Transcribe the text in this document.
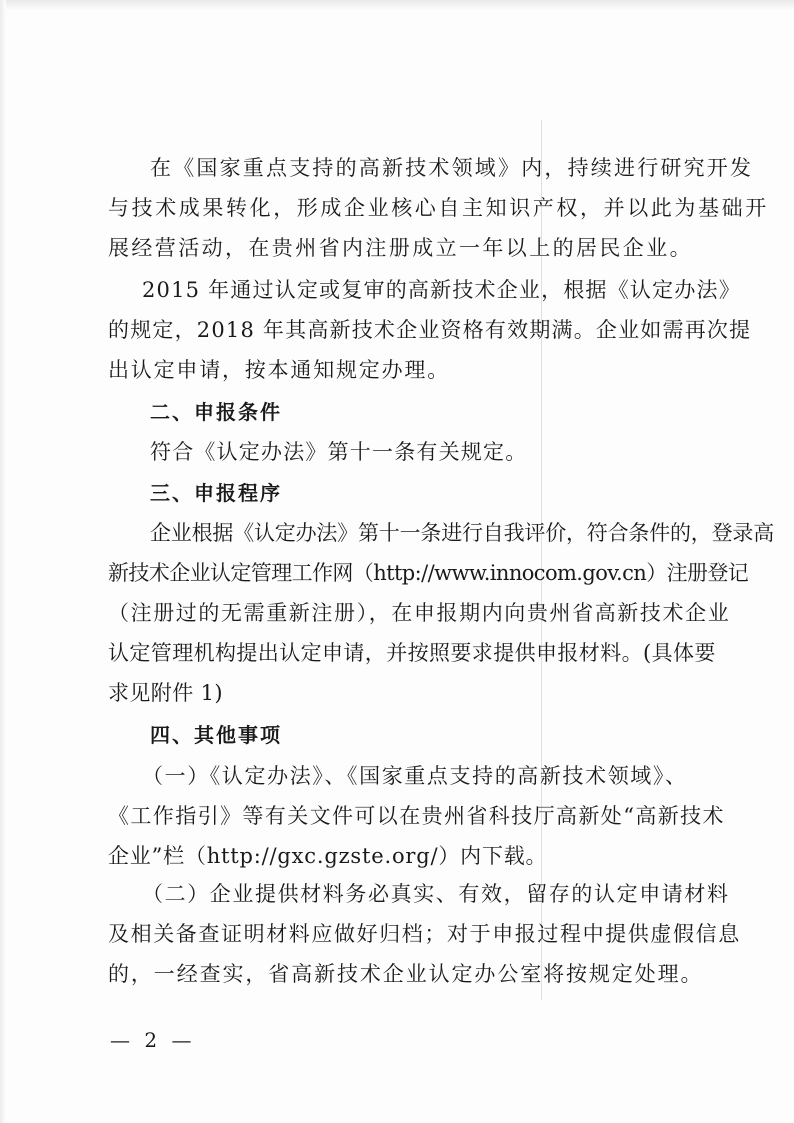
在《国家重点支持的高新技术领域》内，持续进行研究开发
与技术成果转化，形成企业核心自主知识产权，并以此为基础开
展经营活动，在贵州省内注册成立一年以上的居民企业。
2015 年通过认定或复审的高新技术企业，根据《认定办法》
的规定，2018 年其高新技术企业资格有效期满。企业如需再次提
出认定申请，按本通知规定办理。
二、申报条件
符合《认定办法》第十一条有关规定。
三、申报程序
企业根据《认定办法》第十一条进行自我评价，符合条件的，登录高
新技术企业认定管理工作网（http://www.innocom.gov.cn）注册登记
（注册过的无需重新注册），在申报期内向贵州省高新技术企业
认定管理机构提出认定申请，并按照要求提供申报材料。(具体要
求见附件 1)
四、其他事项
（一）《认定办法》、《国家重点支持的高新技术领域》、
《工作指引》等有关文件可以在贵州省科技厅高新处“高新技术
企业”栏（http://gxc.gzste.org/）内下载。
（二）企业提供材料务必真实、有效，留存的认定申请材料
及相关备查证明材料应做好归档；对于申报过程中提供虚假信息
的，一经查实，省高新技术企业认定办公室将按规定处理。
— 2 —
